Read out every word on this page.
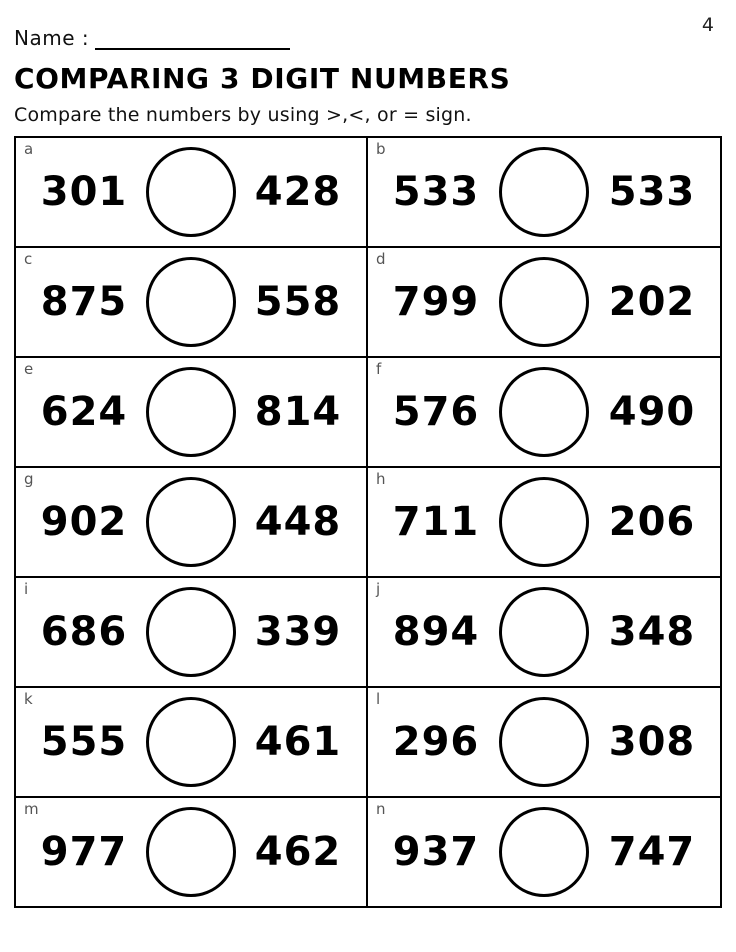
Name :
4
COMPARING 3 DIGIT NUMBERS
Compare the numbers by using >,<, or = sign.
a
301	428
b
533	533
c
875	558
d
799	202
e
624	814
f
576	490
g
902	448
h
711	206
i
686	339
j
894	348
k
555	461
l
296	308
m
977	462
n
937	747
